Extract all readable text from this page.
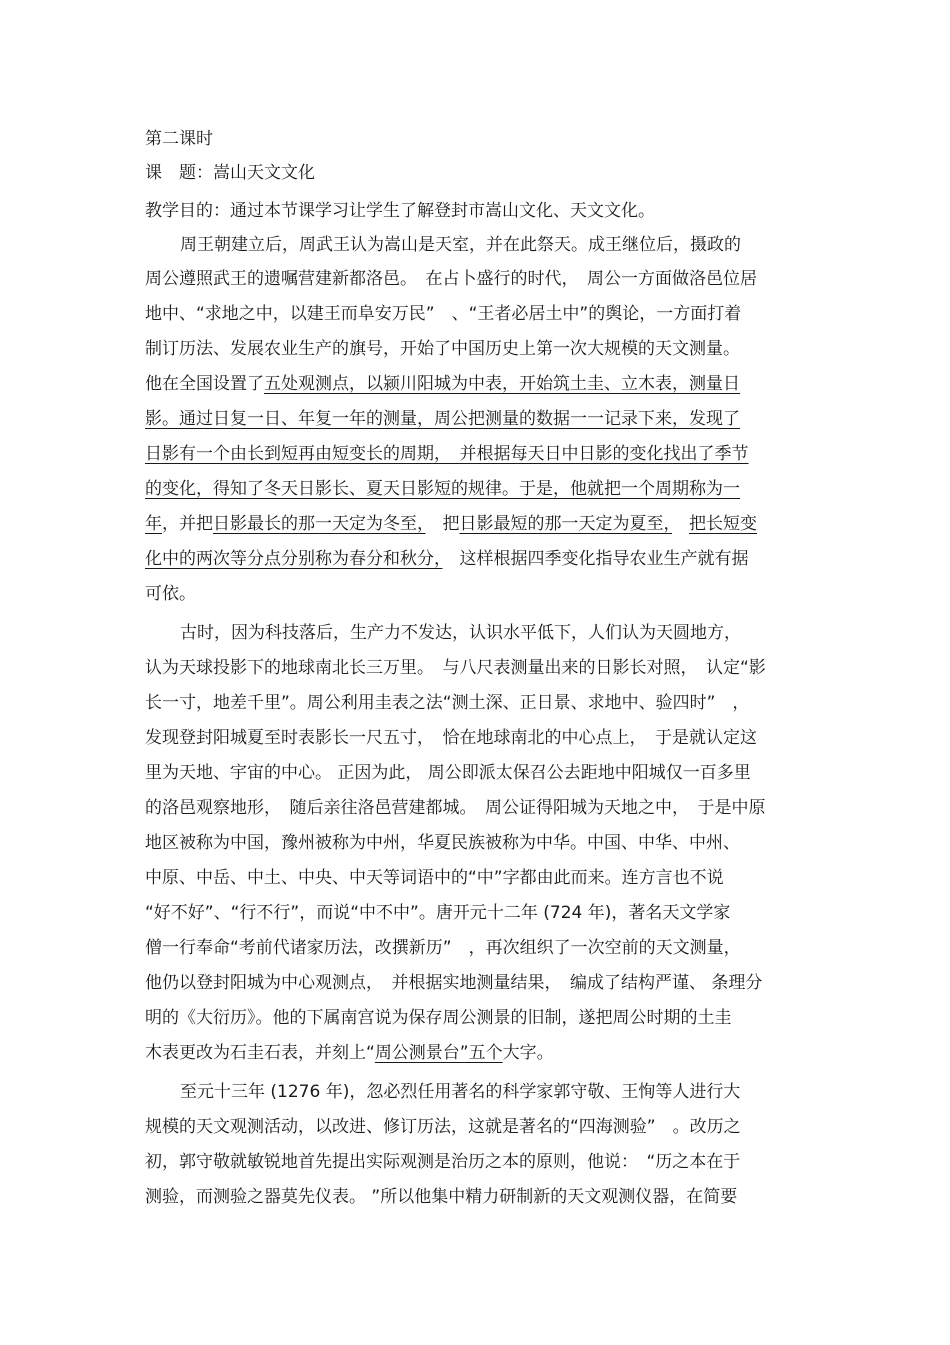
第二课时
课　题：嵩山天文文化
教学目的：通过本节课学习让学生了解登封市嵩山文化、天文文化。
周王朝建立后，周武王认为嵩山是天室，并在此祭天。成王继位后，摄政的
周公遵照武王的遗嘱营建新都洛邑。　在占卜盛行的时代，　周公一方面做洛邑位居
地中、“求地之中，以建王而阜安万民”　、“王者必居土中”的舆论，一方面打着
制订历法、发展农业生产的旗号，开始了中国历史上第一次大规模的天文测量。
他在全国设置了五处观测点，以颍川阳城为中表，开始筑土圭、立木表，测量日
影。通过日复一日、年复一年的测量，周公把测量的数据一一记录下来，发现了
日影有一个由长到短再由短变长的周期，　并根据每天日中日影的变化找出了季节
的变化，得知了冬天日影长、夏天日影短的规律。于是，他就把一个周期称为一
年，并把日影最长的那一天定为冬至，　把日影最短的那一天定为夏至，　 把长短变
化中的两次等分点分别称为春分和秋分，　这样根据四季变化指导农业生产就有据
可依。
古时，因为科技落后，生产力不发达，认识水平低下，人们认为天圆地方，
认为天球投影下的地球南北长三万里。　与八尺表测量出来的日影长对照，　认定“影
长一寸，地差千里”。周公利用圭表之法“测土深、正日景、求地中、验四时”　，
发现登封阳城夏至时表影长一尺五寸，　恰在地球南北的中心点上，　于是就认定这
里为天地、宇宙的中心。 正因为此， 周公即派太保召公去距地中阳城仅一百多里
的洛邑观察地形，　随后亲往洛邑营建都城。　周公证得阳城为天地之中，　于是中原
地区被称为中国，豫州被称为中州，华夏民族被称为中华。中国、中华、中州、
中原、中岳、中土、中央、中天等词语中的“中”字都由此而来。连方言也不说
“好不好”、“行不行”，而说“中不中”。唐开元十二年 (724 年)，著名天文学家
僧一行奉命“考前代诸家历法，改撰新历”　，再次组织了一次空前的天文测量，
他仍以登封阳城为中心观测点，　并根据实地测量结果，　编成了结构严谨、 条理分
明的《大衍历》。他的下属南宫说为保存周公测景的旧制，遂把周公时期的土圭
木表更改为石圭石表，并刻上“周公测景台”五个大字。
至元十三年 (1276 年)，忽必烈任用著名的科学家郭守敬、王恂等人进行大
规模的天文观测活动，以改进、修订历法，这就是著名的“四海测验”　。改历之
初，郭守敬就敏锐地首先提出实际观测是治历之本的原则，他说：　“历之本在于
测验，而测验之器莫先仪表。 ”所以他集中精力研制新的天文观测仪器，在简要
